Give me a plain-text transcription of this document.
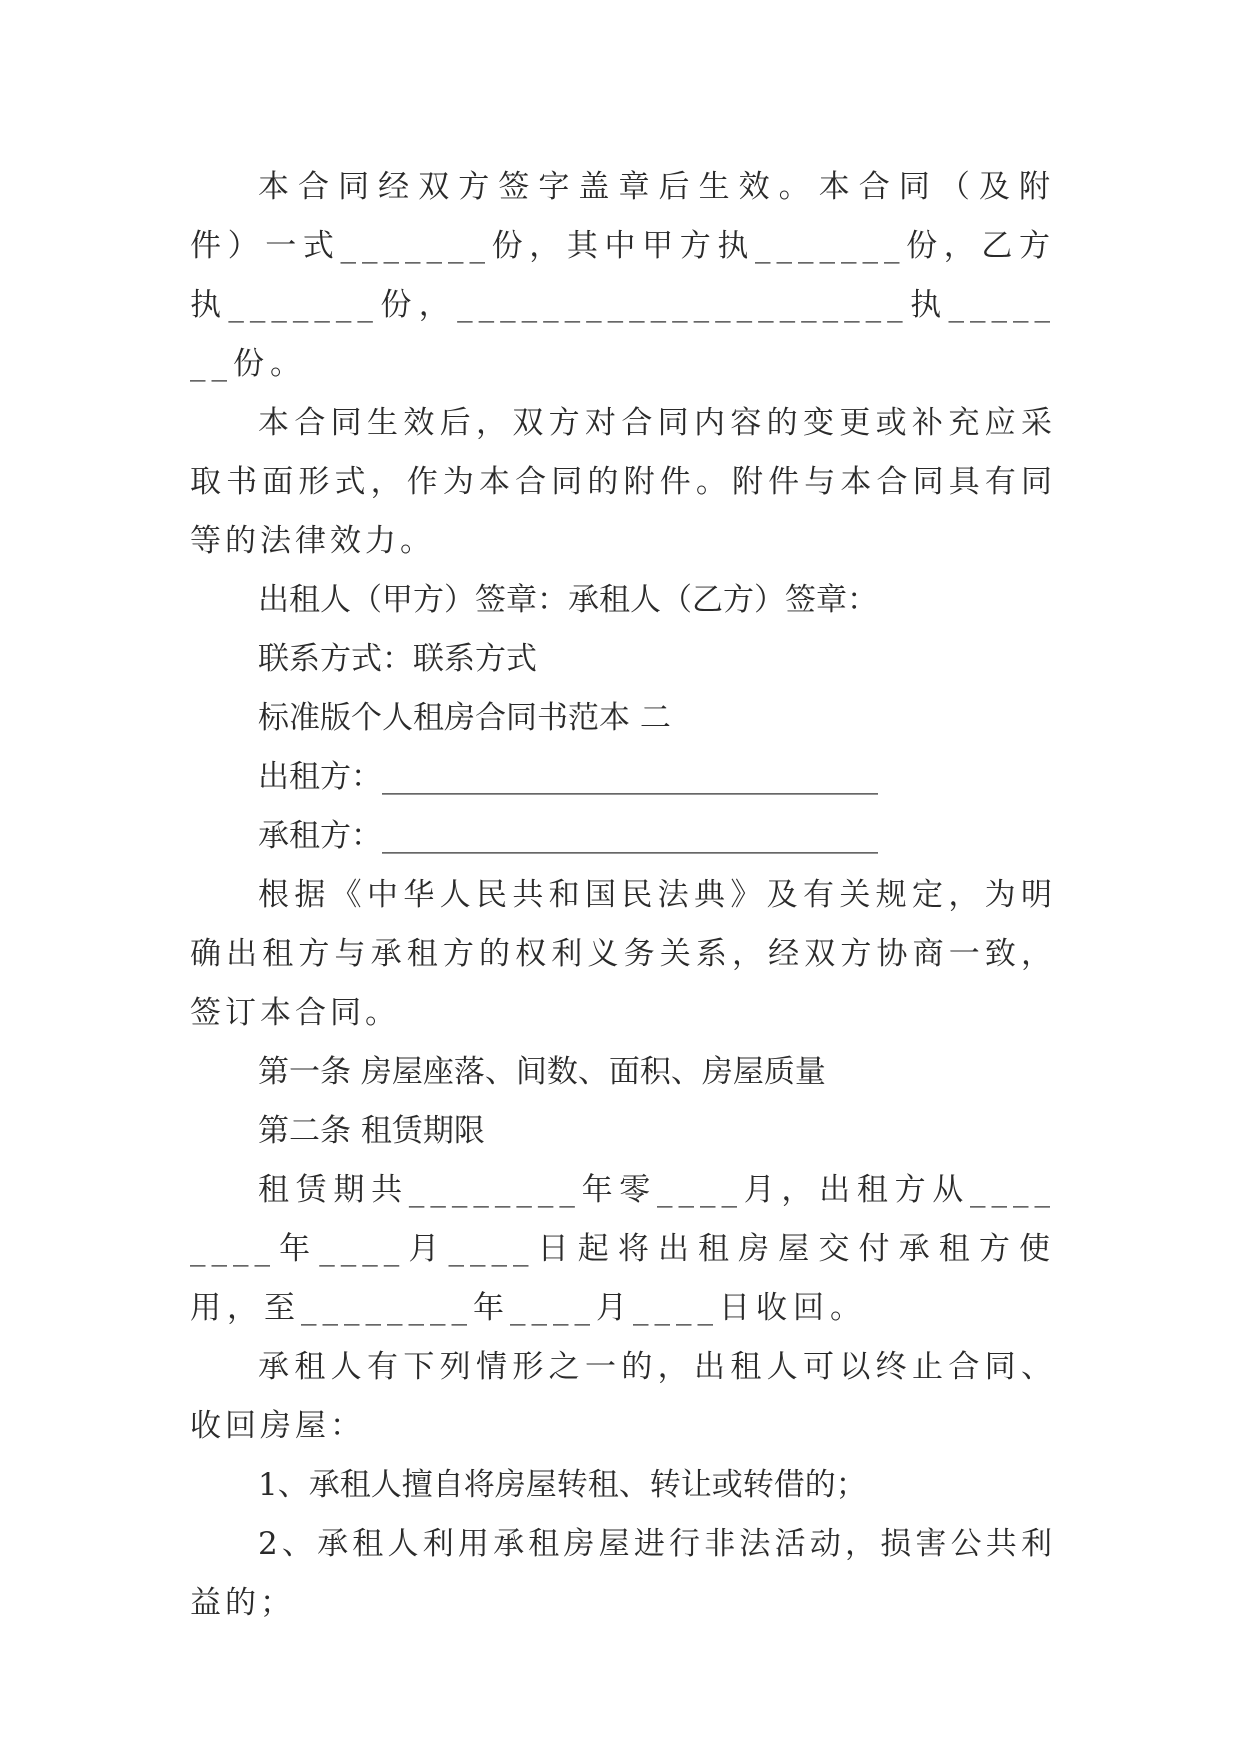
本合同经双方签字盖章后生效。本合同（及附件）一式_______份，其中甲方执_______份，乙方执_______份，_____________________执_______份。

本合同生效后，双方对合同内容的变更或补充应采取书面形式，作为本合同的附件。附件与本合同具有同等的法律效力。

出租人（甲方）签章：承租人（乙方）签章：

联系方式：联系方式

标准版个人租房合同书范本 二

出租方：________________________________

承租方：________________________________

根据《中华人民共和国民法典》及有关规定，为明确出租方与承租方的权利义务关系，经双方协商一致，签订本合同。

第一条 房屋座落、间数、面积、房屋质量

第二条 租赁期限

租赁期共________年零____月，出租方从________年____月____日起将出租房屋交付承租方使用，至________年____月____日收回。

承租人有下列情形之一的，出租人可以终止合同、收回房屋：

1、承租人擅自将房屋转租、转让或转借的；

2、承租人利用承租房屋进行非法活动，损害公共利益的；
